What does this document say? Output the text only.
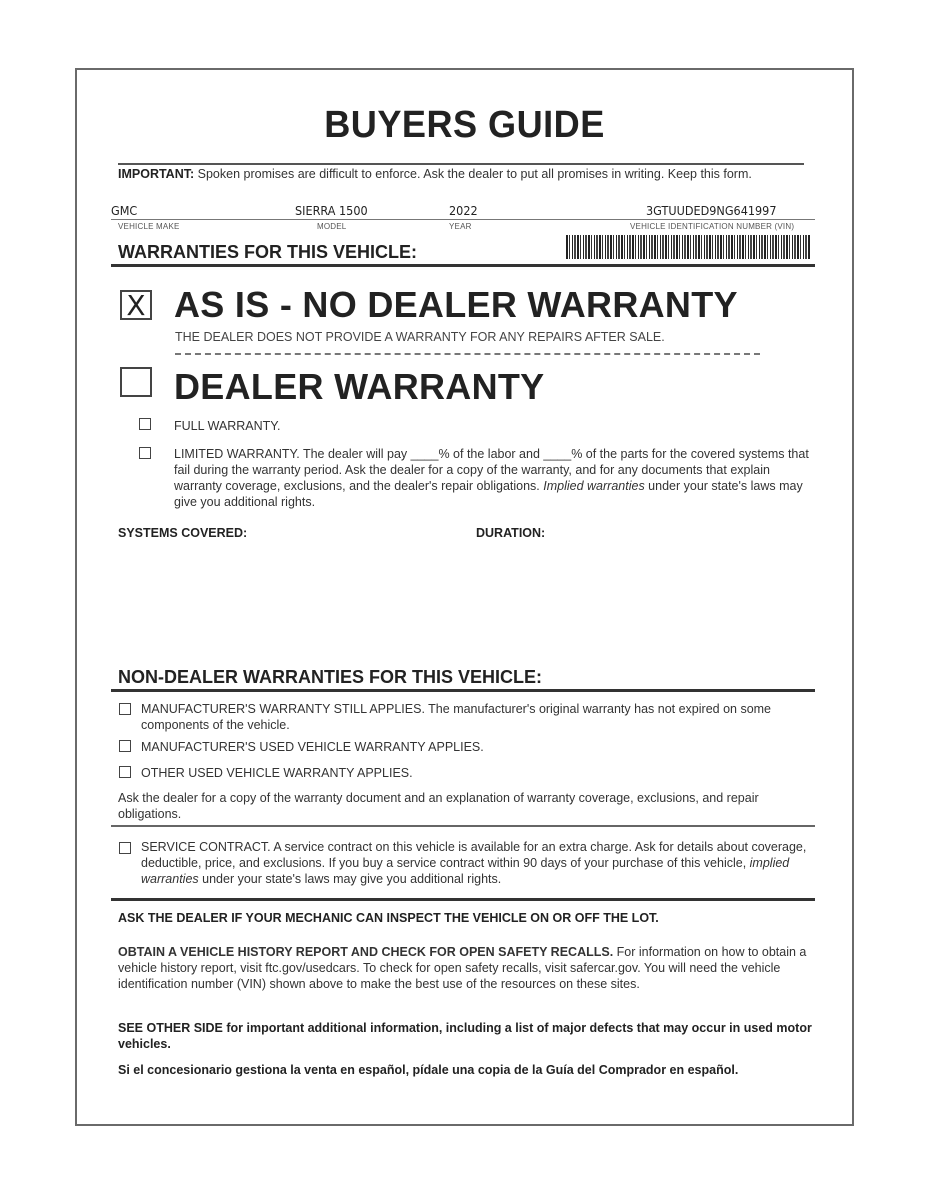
BUYERS GUIDE
IMPORTANT: Spoken promises are difficult to enforce. Ask the dealer to put all promises in writing. Keep this form.
GMC	SIERRA 1500	2022	3GTUUDED9NG641997
VEHICLE MAKE	MODEL	YEAR	VEHICLE IDENTIFICATION NUMBER (VIN)
WARRANTIES FOR THIS VEHICLE:
X AS IS - NO DEALER WARRANTY
THE DEALER DOES NOT PROVIDE A WARRANTY FOR ANY REPAIRS AFTER SALE.
DEALER WARRANTY
FULL WARRANTY.
LIMITED WARRANTY. The dealer will pay ____% of the labor and ____% of the parts for the covered systems that fail during the warranty period. Ask the dealer for a copy of the warranty, and for any documents that explain warranty coverage, exclusions, and the dealer's repair obligations. Implied warranties under your state's laws may give you additional rights.
SYSTEMS COVERED:	DURATION:
NON-DEALER WARRANTIES FOR THIS VEHICLE:
MANUFACTURER'S WARRANTY STILL APPLIES. The manufacturer's original warranty has not expired on some components of the vehicle.
MANUFACTURER'S USED VEHICLE WARRANTY APPLIES.
OTHER USED VEHICLE WARRANTY APPLIES.
Ask the dealer for a copy of the warranty document and an explanation of warranty coverage, exclusions, and repair obligations.
SERVICE CONTRACT. A service contract on this vehicle is available for an extra charge. Ask for details about coverage, deductible, price, and exclusions. If you buy a service contract within 90 days of your purchase of this vehicle, implied warranties under your state's laws may give you additional rights.
ASK THE DEALER IF YOUR MECHANIC CAN INSPECT THE VEHICLE ON OR OFF THE LOT.
OBTAIN A VEHICLE HISTORY REPORT AND CHECK FOR OPEN SAFETY RECALLS. For information on how to obtain a vehicle history report, visit ftc.gov/usedcars. To check for open safety recalls, visit safercar.gov. You will need the vehicle identification number (VIN) shown above to make the best use of the resources on these sites.
SEE OTHER SIDE for important additional information, including a list of major defects that may occur in used motor vehicles.
Si el concesionario gestiona la venta en español, pídale una copia de la Guía del Comprador en español.
